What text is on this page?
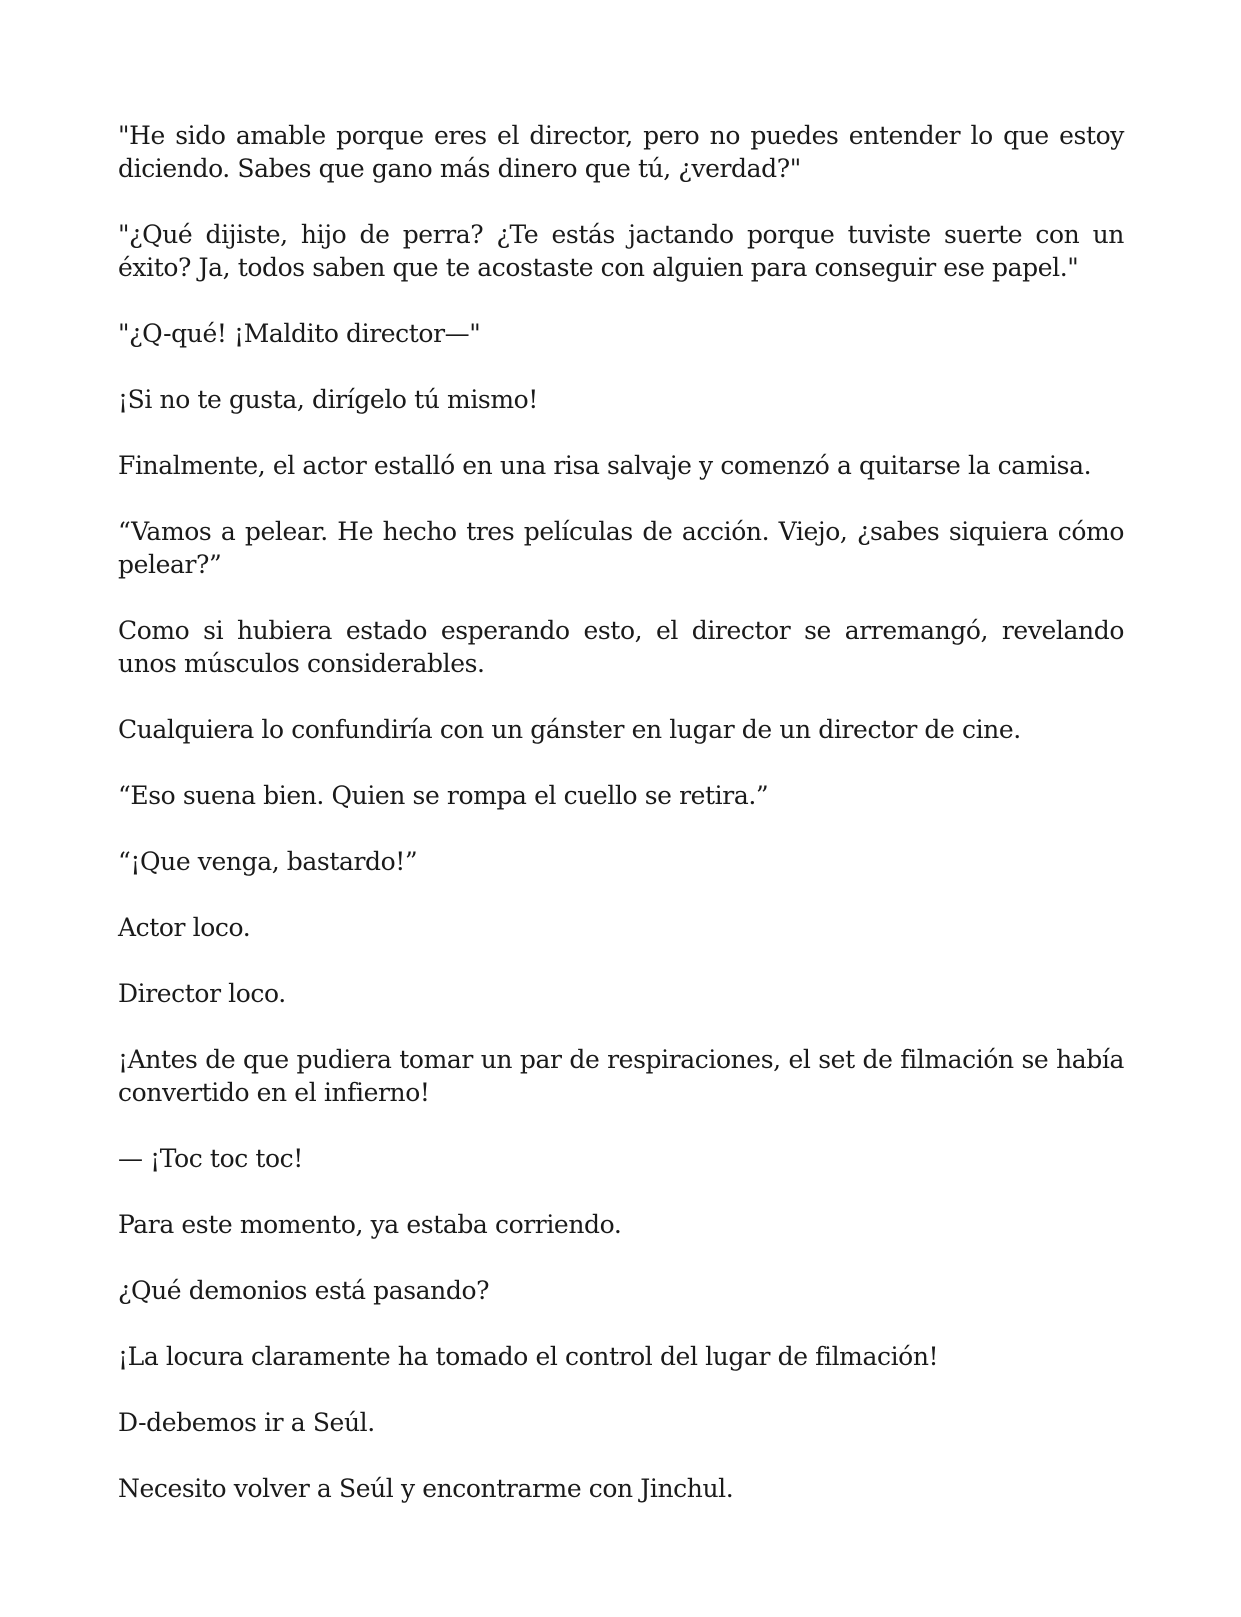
"He sido amable porque eres el director, pero no puedes entender lo que estoy diciendo. Sabes que gano más dinero que tú, ¿verdad?"

"¿Qué dijiste, hijo de perra? ¿Te estás jactando porque tuviste suerte con un éxito? Ja, todos saben que te acostaste con alguien para conseguir ese papel."

"¿Q-qué! ¡Maldito director—"

¡Si no te gusta, dirígelo tú mismo!

Finalmente, el actor estalló en una risa salvaje y comenzó a quitarse la camisa.

“Vamos a pelear. He hecho tres películas de acción. Viejo, ¿sabes siquiera cómo pelear?”

Como si hubiera estado esperando esto, el director se arremangó, revelando unos músculos considerables.

Cualquiera lo confundiría con un gánster en lugar de un director de cine.

“Eso suena bien. Quien se rompa el cuello se retira.”

“¡Que venga, bastardo!”

Actor loco.

Director loco.

¡Antes de que pudiera tomar un par de respiraciones, el set de filmación se había convertido en el infierno!

— ¡Toc toc toc!

Para este momento, ya estaba corriendo.

¿Qué demonios está pasando?

¡La locura claramente ha tomado el control del lugar de filmación!

D-debemos ir a Seúl.

Necesito volver a Seúl y encontrarme con Jinchul.
